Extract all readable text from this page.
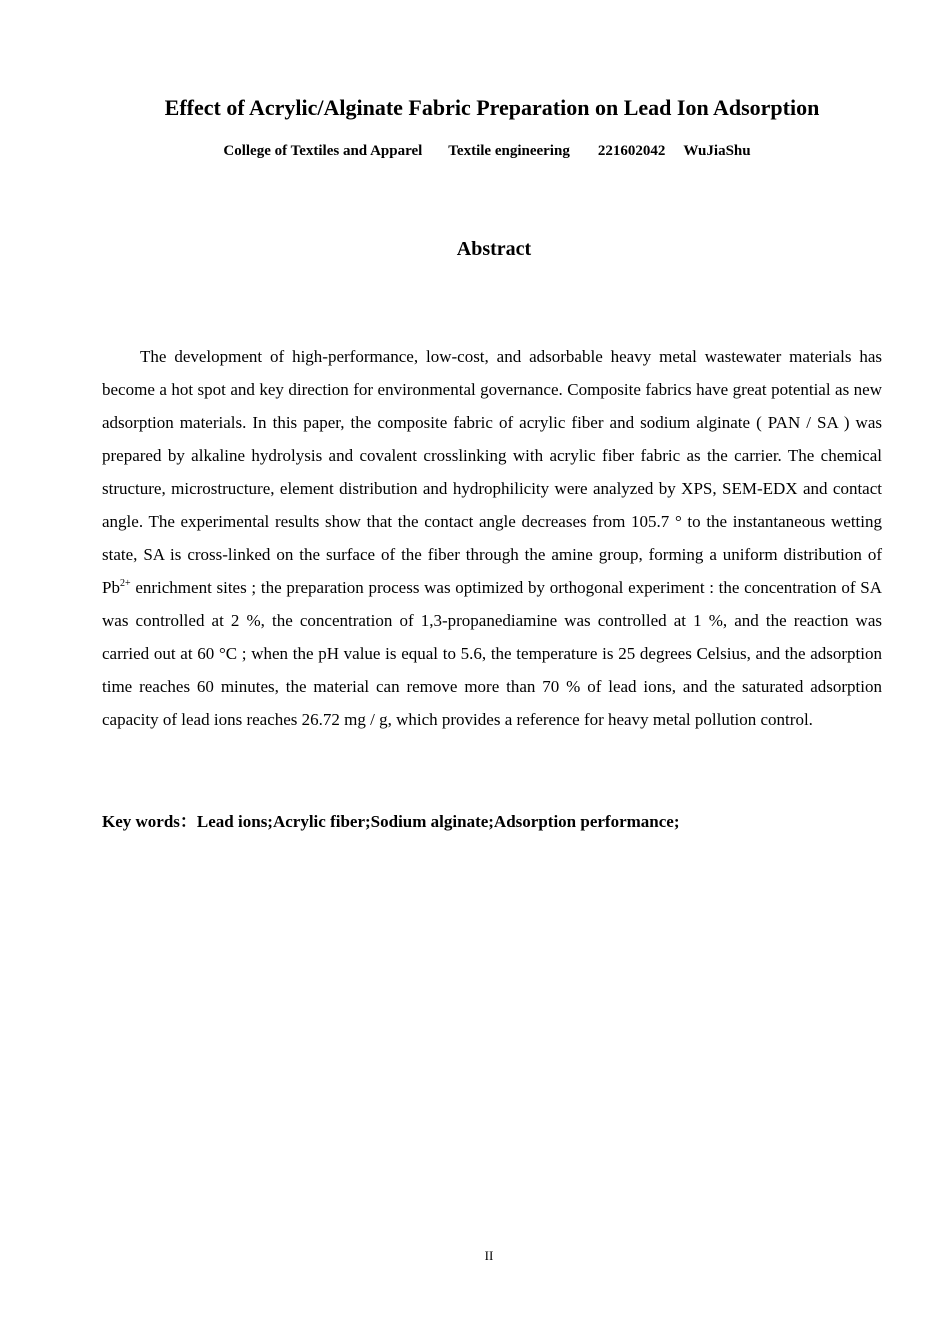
Effect of Acrylic/Alginate Fabric Preparation on Lead Ion Adsorption
College of Textiles and Apparel Textile engineering 221602042 WuJiaShu
Abstract

The development of high-performance, low-cost, and adsorbable heavy metal wastewater materials has become a hot spot and key direction for environmental governance. Composite fabrics have great potential as new adsorption materials. In this paper, the composite fabric of acrylic fiber and sodium alginate ( PAN / SA ) was prepared by alkaline hydrolysis and covalent crosslinking with acrylic fiber fabric as the carrier. The chemical structure, microstructure, element distribution and hydrophilicity were analyzed by XPS, SEM-EDX and contact angle. The experimental results show that the contact angle decreases from 105.7 ° to the instantaneous wetting state, SA is cross-linked on the surface of the fiber through the amine group, forming a uniform distribution of $Pb^{2+}$ enrichment sites ; the preparation process was optimized by orthogonal experiment : the concentration of SA was controlled at 2 %, the concentration of 1,3-propanediamine was controlled at 1 %, and the reaction was carried out at 60 °C ; when the pH value is equal to 5.6, the temperature is 25 degrees Celsius, and the adsorption time reaches 60 minutes, the material can remove more than 70 % of lead ions, and the saturated adsorption capacity of lead ions reaches 26.72 mg / g, which provides a reference for heavy metal pollution control.

Key words：Lead ions;Acrylic fiber;Sodium alginate;Adsorption performance;
II
